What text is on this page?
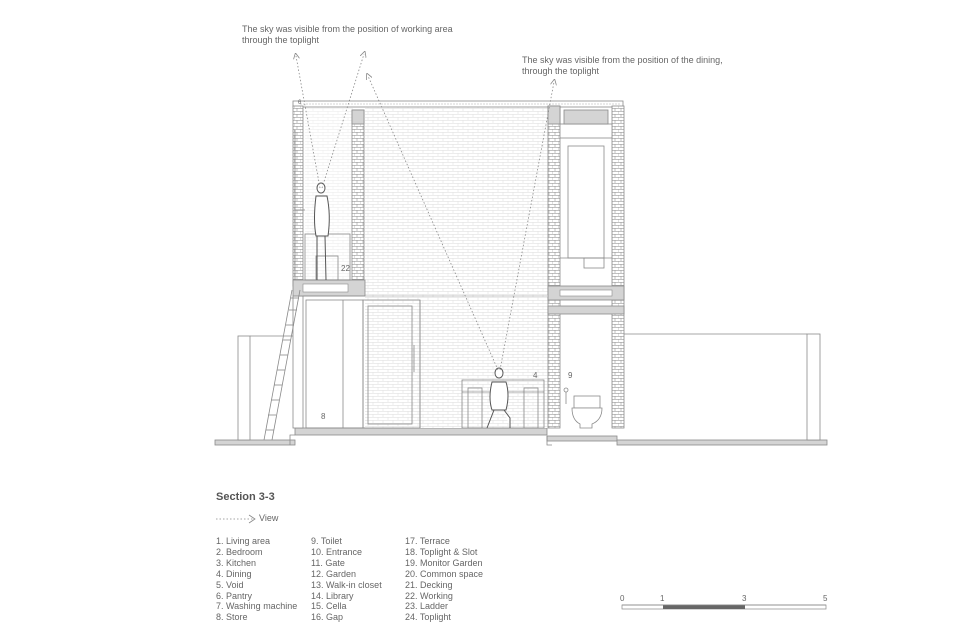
The sky was visible from the position of working area
through the toplight
The sky was visible from the position of the dining,
through the toplight
8
4	9
22
6
Section 3-3
View
1. Living area
2. Bedroom
3. Kitchen
4. Dining
5. Void
6. Pantry
7. Washing machine
8. Store
9. Toilet
10. Entrance
11. Gate
12. Garden
13. Walk-in closet
14. Library
15. Cella
16. Gap
17. Terrace
18. Toplight & Slot
19. Monitor Garden
20. Common space
21. Decking
22. Working
23. Ladder
24. Toplight
0	1	3	5
